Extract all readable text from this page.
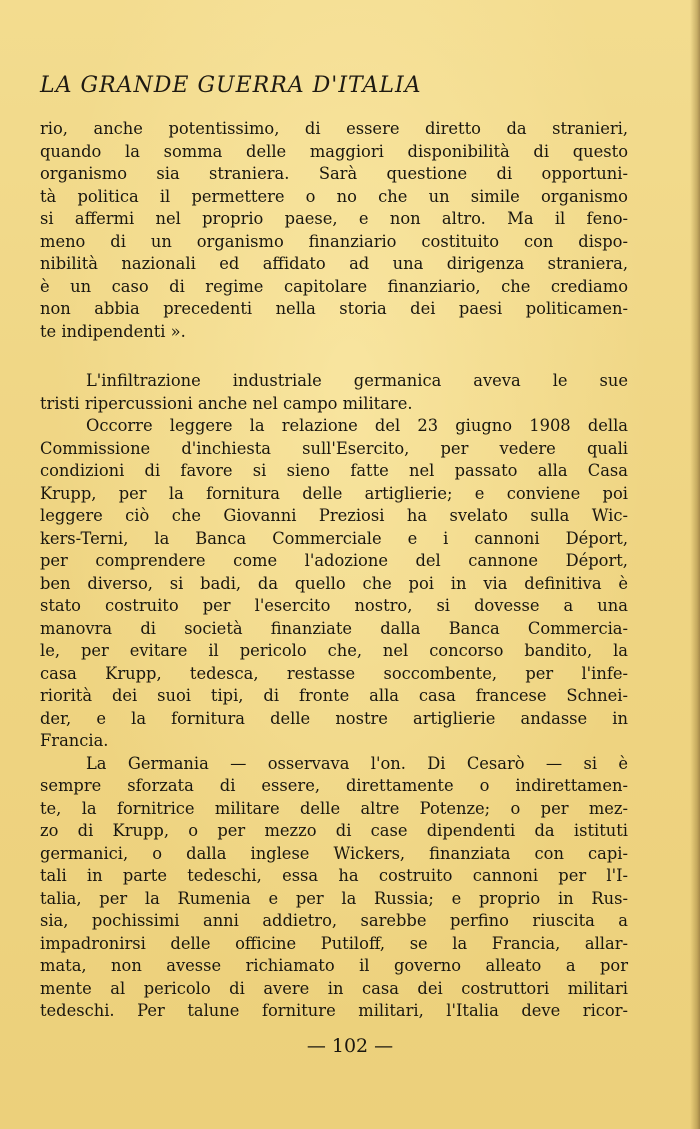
LA GRANDE GUERRA D'ITALIA
rio, anche potentissimo, di essere diretto da stranieri,
quando la somma delle maggiori disponibilità di questo
organismo sia straniera. Sarà questione di opportuni-
tà politica il permettere o no che un simile organismo
si affermi nel proprio paese, e non altro. Ma il feno-
meno di un organismo finanziario costituito con dispo-
nibilità nazionali ed affidato ad una dirigenza straniera,
è un caso di regime capitolare finanziario, che crediamo
non abbia precedenti nella storia dei paesi politicamen-
te indipendenti ».
L'infiltrazione industriale germanica aveva le sue
tristi ripercussioni anche nel campo militare.
Occorre leggere la relazione del 23 giugno 1908 della
Commissione d'inchiesta sull'Esercito, per vedere quali
condizioni di favore si sieno fatte nel passato alla Casa
Krupp, per la fornitura delle artiglierie; e conviene poi
leggere ciò che Giovanni Preziosi ha svelato sulla Wic-
kers-Terni, la Banca Commerciale e i cannoni Déport,
per comprendere come l'adozione del cannone Déport,
ben diverso, si badi, da quello che poi in via definitiva è
stato costruito per l'esercito nostro, si dovesse a una
manovra di società finanziate dalla Banca Commercia-
le, per evitare il pericolo che, nel concorso bandito, la
casa Krupp, tedesca, restasse soccombente, per l'infe-
riorità dei suoi tipi, di fronte alla casa francese Schnei-
der, e la fornitura delle nostre artiglierie andasse in
Francia.
La Germania — osservava l'on. Di Cesarò — si è
sempre sforzata di essere, direttamente o indirettamen-
te, la fornitrice militare delle altre Potenze; o per mez-
zo di Krupp, o per mezzo di case dipendenti da istituti
germanici, o dalla inglese Wickers, finanziata con capi-
tali in parte tedeschi, essa ha costruito cannoni per l'I-
talia, per la Rumenia e per la Russia; e proprio in Rus-
sia, pochissimi anni addietro, sarebbe perfino riuscita a
impadronirsi delle officine Putiloff, se la Francia, allar-
mata, non avesse richiamato il governo alleato a por
mente al pericolo di avere in casa dei costruttori militari
tedeschi. Per talune forniture militari, l'Italia deve ricor-
— 102 —
